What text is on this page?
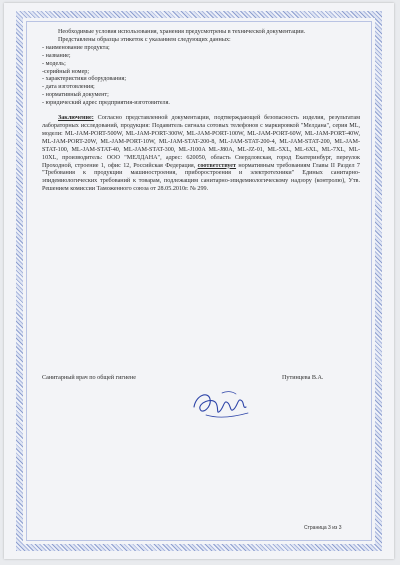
Необходимые условия использования, хранения предусмотрены в технической документации.

Представлены образцы этикеток с указанием следующих данных:

- наименование продукта;

- название;

- модель;

-серийный номер;

- характеристики оборудования;

- дата изготовления;

- нормативный документ;

- юридический адрес предприятия-изготовителя.

Заключение: Согласно представленной документации, подтверждающей безопасность изделия, результатам лабораторных исследований, продукция: Подавитель сигнала сотовых телефонов с маркировкой "Мелдана", серия ML, модели: ML-JAM-PORT-500W, ML-JAM-PORT-300W, ML-JAM-PORT-100W, ML-JAM-PORT-60W, ML-JAM-PORT-40W, ML-JAM-PORT-20W, ML-JAM-PORT-10W, ML-JAM-STAT-200-8, ML-JAM-STAT-200-4, ML-JAM-STAT-200, ML-JAM-STAT-100, ML-JAM-STAT-40, ML-JAM-STAT-300, ML-J100A ML-J80A, ML-JZ-01, ML-5XL, ML-6XL, ML-7XL, ML-10XL, производитель: ООО "МЕЛДАНА", адрес: 620050, область Свердловская, город Екатеринбург, переулок Проходной, строение 1, офис 12, Российская Федерация, соответствует нормативным требованиям Главы II Раздел 7 "Требования к продукции машиностроения, приборостроения и электротехники" Единых санитарно-эпидемиологических требований к товарам, подлежащим санитарно-эпидемиологическому надзору (контролю), Утв. Решением комиссии Таможенного союза от 28.05.2010г. № 299.

Санитарный врач по общей гигиене	Путинцева В.А.
Страница 3 из 3
